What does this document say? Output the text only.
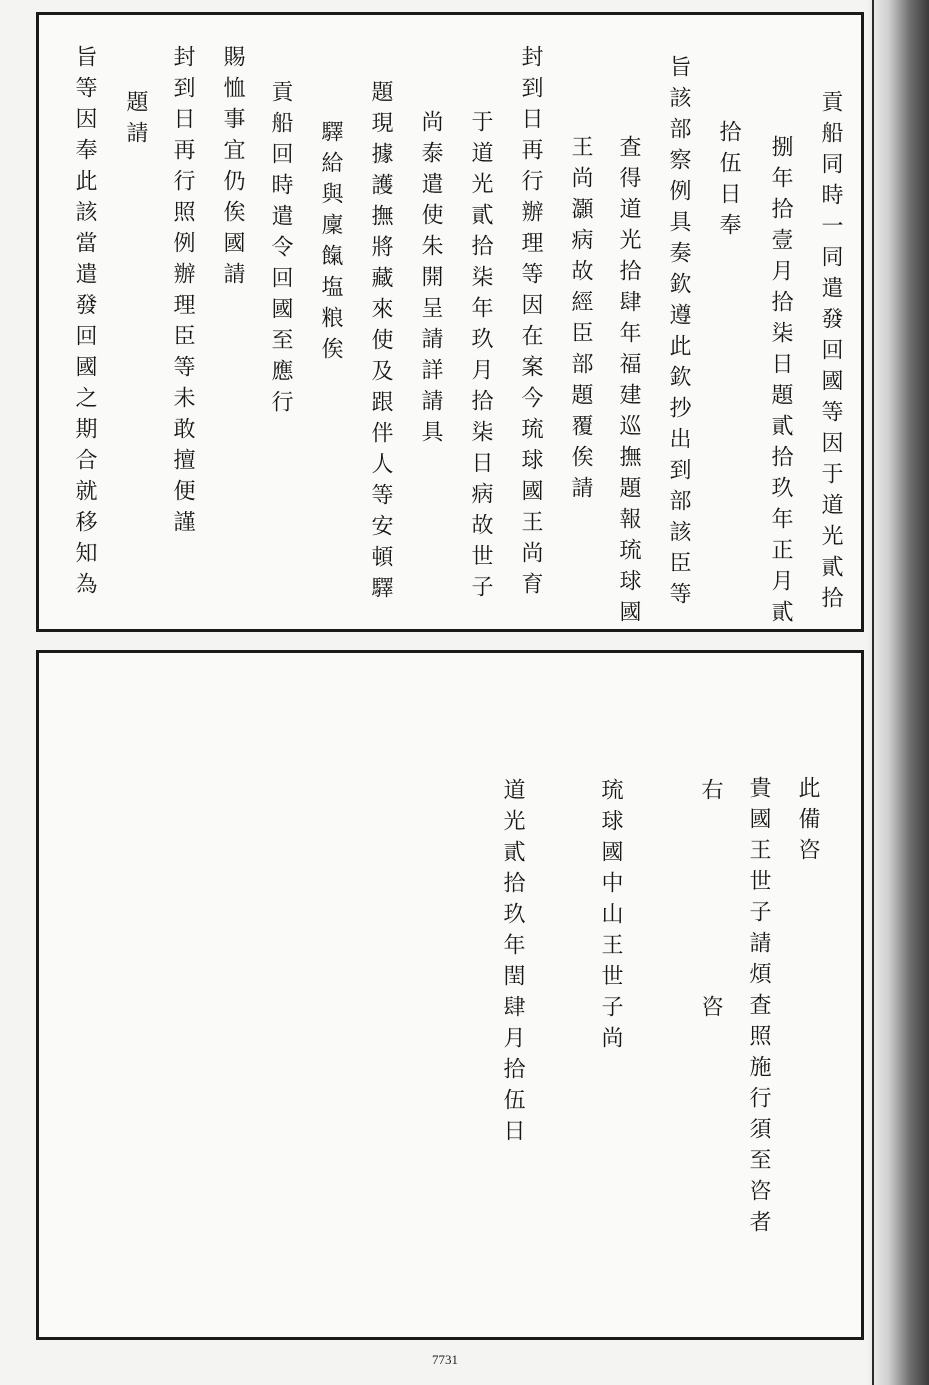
貢船同時一同遣發回國等因于道光貳拾
捌年拾壹月拾柒日題貳拾玖年正月貳
拾伍日奉
旨該部察例具奏欽遵此欽抄出到部該臣等
査得道光拾肆年福建巡撫題報琉球國
王尚灝病故經臣部題覆俟請
封到日再行辦理等因在案今琉球國王尚育
于道光貳拾柒年玖月拾柒日病故世子
尚泰遣使朱開呈請詳請具
題現據護撫將藏來使及跟伴人等安頓驛
驛給與廩餼塩粮俟
貢船回時遣令回國至應行
賜恤事宜仍俟國請
封到日再行照例辦理臣等未敢擅便謹
題請
旨等因奉此該當遣發回國之期合就移知為
此備咨
貴國王世子請煩査照施行須至咨者
右　　　　　　咨
琉球國中山王世子尚
道光貳拾玖年閏肆月拾伍日
7731
